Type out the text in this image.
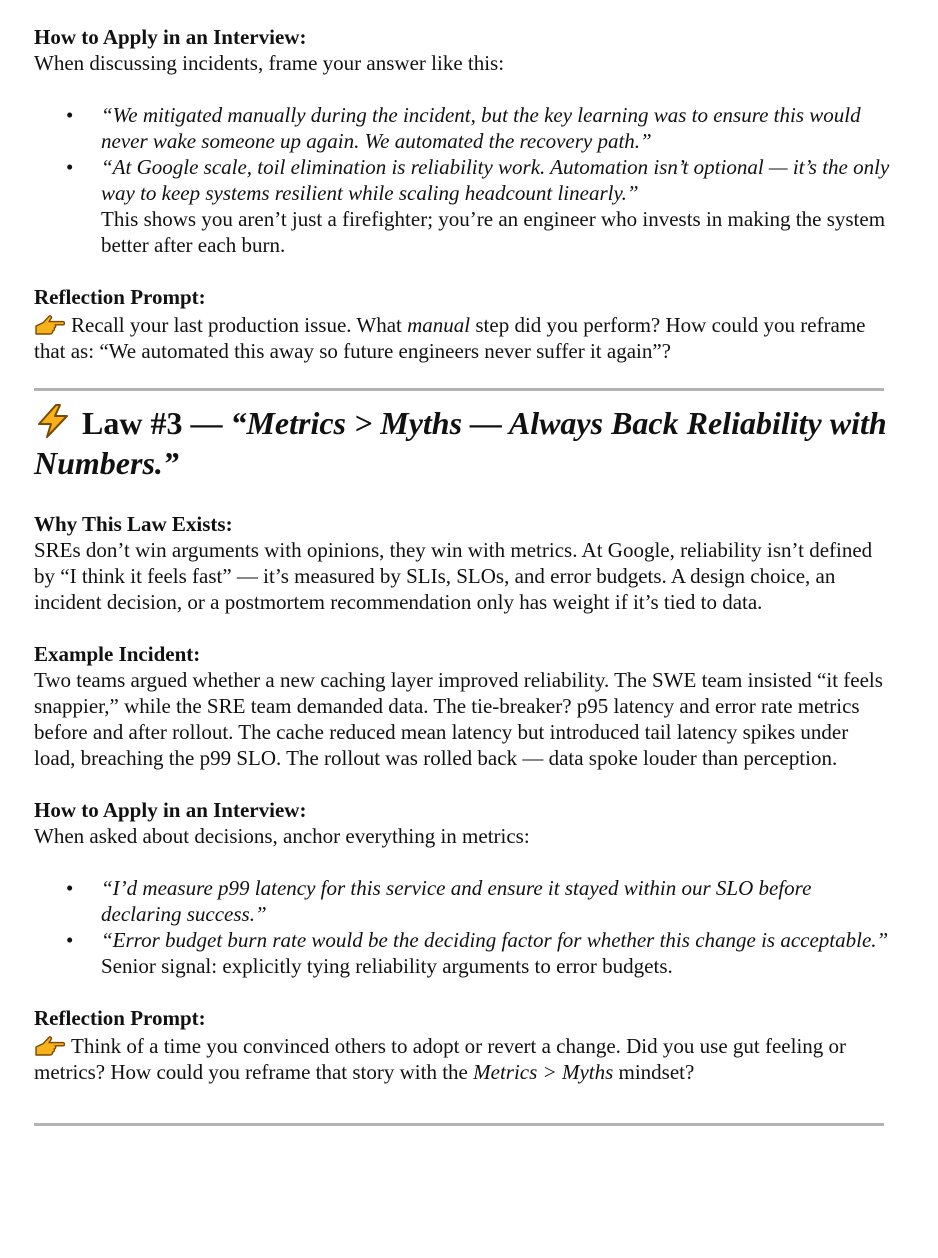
How to Apply in an Interview:

When discussing incidents, frame your answer like this:

• “We mitigated manually during the incident, but the key learning was to ensure this would never wake someone up again. We automated the recovery path.”
• “At Google scale, toil elimination is reliability work. Automation isn’t optional — it’s the only way to keep systems resilient while scaling headcount linearly.”

This shows you aren’t just a firefighter; you’re an engineer who invests in making the system better after each burn.

Reflection Prompt:

Recall your last production issue. What manual step did you perform? How could you reframe that as: “We automated this away so future engineers never suffer it again”?

Law #3 — “Metrics > Myths — Always Back Reliability with Numbers.”

Why This Law Exists:

SREs don’t win arguments with opinions, they win with metrics. At Google, reliability isn’t defined by “I think it feels fast” — it’s measured by SLIs, SLOs, and error budgets. A design choice, an incident decision, or a postmortem recommendation only has weight if it’s tied to data.

Example Incident:

Two teams argued whether a new caching layer improved reliability. The SWE team insisted “it feels snappier,” while the SRE team demanded data. The tie-breaker? p95 latency and error rate metrics before and after rollout. The cache reduced mean latency but introduced tail latency spikes under load, breaching the p99 SLO. The rollout was rolled back — data spoke louder than perception.

How to Apply in an Interview:

When asked about decisions, anchor everything in metrics:

• “I’d measure p99 latency for this service and ensure it stayed within our SLO before declaring success.”
• “Error budget burn rate would be the deciding factor for whether this change is acceptable.”

Senior signal: explicitly tying reliability arguments to error budgets.

Reflection Prompt:

Think of a time you convinced others to adopt or revert a change. Did you use gut feeling or metrics? How could you reframe that story with the Metrics > Myths mindset?
